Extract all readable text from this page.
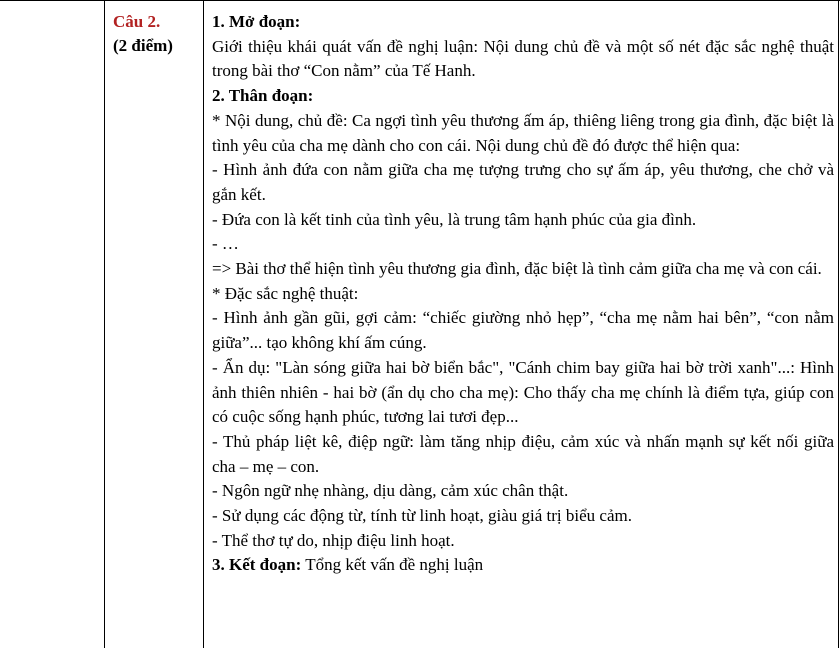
Câu 2.
(2 điểm)

1. Mở đoạn:

Giới thiệu khái quát vấn đề nghị luận: Nội dung chủ đề và một số nét đặc sắc nghệ thuật trong bài thơ “Con nằm” của Tế Hanh.

2. Thân đoạn:

* Nội dung, chủ đề: Ca ngợi tình yêu thương ấm áp, thiêng liêng trong gia đình, đặc biệt là tình yêu của cha mẹ dành cho con cái. Nội dung chủ đề đó được thể hiện qua:

- Hình ảnh đứa con nằm giữa cha mẹ tượng trưng cho sự ấm áp, yêu thương, che chở và gắn kết.

- Đứa con là kết tinh của tình yêu, là trung tâm hạnh phúc của gia đình.

- …

=> Bài thơ thể hiện tình yêu thương gia đình, đặc biệt là tình cảm giữa cha mẹ và con cái.

* Đặc sắc nghệ thuật:

- Hình ảnh gần gũi, gợi cảm: “chiếc giường nhỏ hẹp”, “cha mẹ nằm hai bên”, “con nằm giữa”... tạo không khí ấm cúng.

- Ẩn dụ: "Làn sóng giữa hai bờ biển bắc", "Cánh chim bay giữa hai bờ trời xanh"...: Hình ảnh thiên nhiên - hai bờ (ẩn dụ cho cha mẹ): Cho thấy cha mẹ chính là điểm tựa, giúp con có cuộc sống hạnh phúc, tương lai tươi đẹp...

- Thủ pháp liệt kê, điệp ngữ: làm tăng nhịp điệu, cảm xúc và nhấn mạnh sự kết nối giữa cha – mẹ – con.

- Ngôn ngữ nhẹ nhàng, dịu dàng, cảm xúc chân thật.

- Sử dụng các động từ, tính từ linh hoạt, giàu giá trị biểu cảm.

- Thể thơ tự do, nhịp điệu linh hoạt.

3. Kết đoạn: Tổng kết vấn đề nghị luận
